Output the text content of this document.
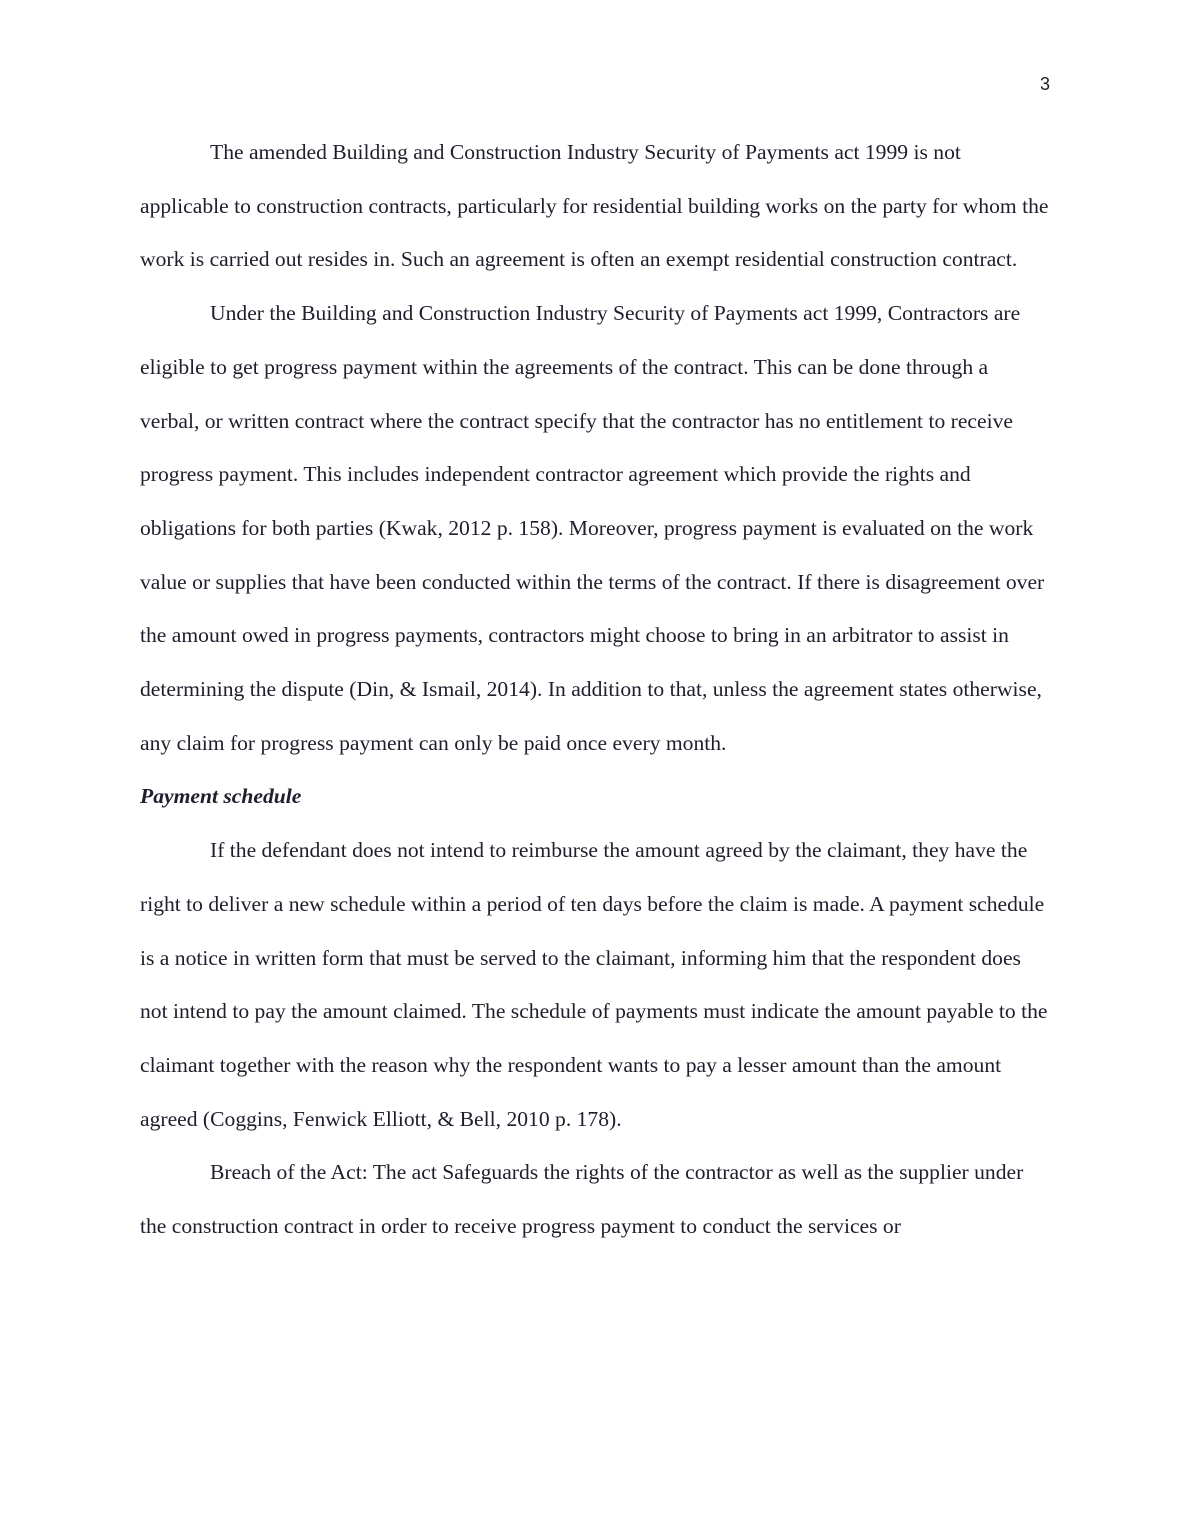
3

The amended Building and Construction Industry Security of Payments act 1999 is not applicable to construction contracts, particularly for residential building works on the party for whom the work is carried out resides in. Such an agreement is often an exempt residential construction contract.

Under the Building and Construction Industry Security of Payments act 1999, Contractors are eligible to get progress payment within the agreements of the contract. This can be done through a verbal, or written contract where the contract specify that the contractor has no entitlement to receive progress payment. This includes independent contractor agreement which provide the rights and obligations for both parties (Kwak, 2012 p. 158). Moreover, progress payment is evaluated on the work value or supplies that have been conducted within the terms of the contract. If there is disagreement over the amount owed in progress payments, contractors might choose to bring in an arbitrator to assist in determining the dispute (Din, & Ismail, 2014). In addition to that, unless the agreement states otherwise, any claim for progress payment can only be paid once every month.

Payment schedule

If the defendant does not intend to reimburse the amount agreed by the claimant, they have the right to deliver a new schedule within a period of ten days before the claim is made. A payment schedule is a notice in written form that must be served to the claimant, informing him that the respondent does not intend to pay the amount claimed. The schedule of payments must indicate the amount payable to the claimant together with the reason why the respondent wants to pay a lesser amount than the amount agreed (Coggins, Fenwick Elliott, & Bell, 2010 p. 178).

Breach of the Act: The act Safeguards the rights of the contractor as well as the supplier under the construction contract in order to receive progress payment to conduct the services or
